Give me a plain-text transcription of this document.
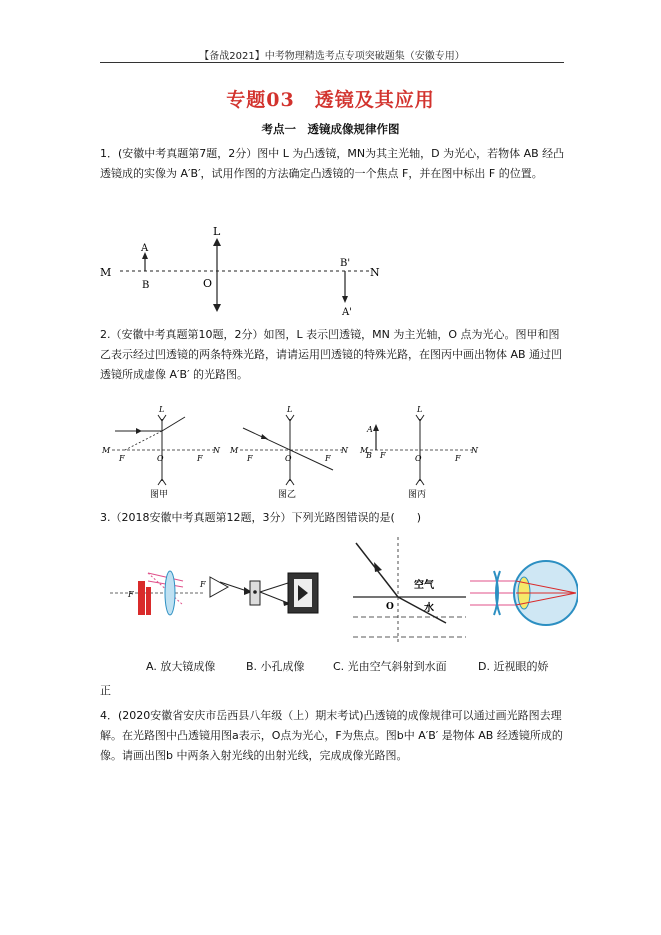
【备战2021】中考物理精选考点专项突破题集（安徽专用）
专题03　透镜及其应用
考点一　透镜成像规律作图
1．(安徽中考真题第7题，2分）图中 L 为凸透镜，MN为其主光轴，D 为光心，若物体 AB 经凸透镜成的实像为 A′B′，试用作图的方法确定凸透镜的一个焦点 F，并在图中标出 F 的位置。
M	N
L
O
A
B
B'
A'
2.（安徽中考真题第10题，2分）如图，L 表示凹透镜，MN 为主光轴，O 点为光心。图甲和图乙表示经过凹透镜的两条特殊光路，请请运用凹透镜的特殊光路，在图丙中画出物体 AB 通过凹透镜所成虚像 A′B′ 的光路图。
M	N
L
F	O	F
图甲
M	N
L
F	O	F
图乙
M	N
L
A
B F	O	F
图丙
3.（2018安徽中考真题第12题，3分）下列光路图错误的是(　　)
F
F	空气
水
O
A. 放大镜成像	B. 小孔成像	C. 光由空气斜射到水面	D. 近视眼的娇
正
4．(2020安徽省安庆市岳西县八年级（上）期末考试)凸透镜的成像规律可以通过画光路图去理解。在光路图中凸透镜用图a表示，O点为光心，F为焦点。图b中 A′B′ 是物体 AB 经透镜所成的像。请画出图b 中两条入射光线的出射光线，完成成像光路图。
